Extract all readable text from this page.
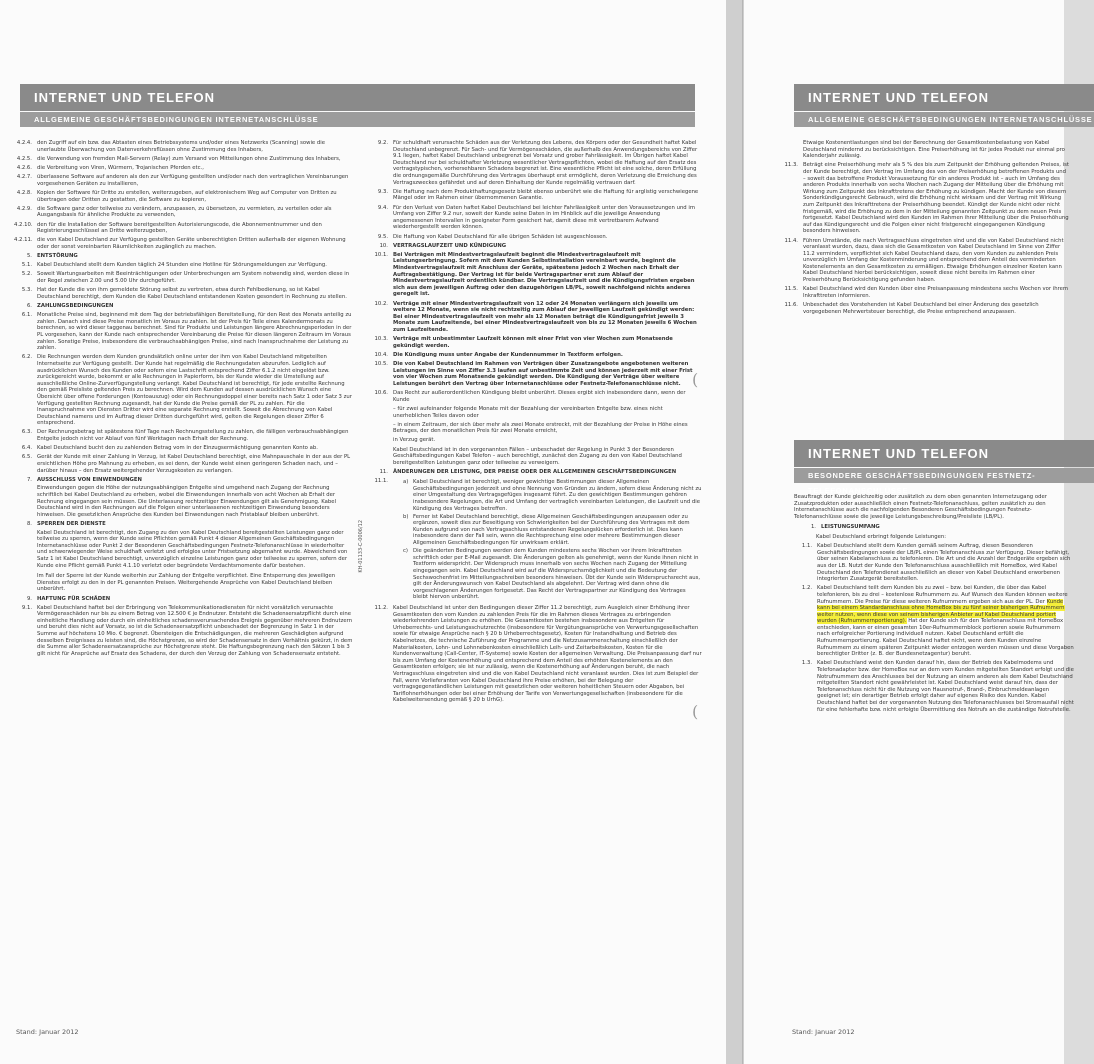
INTERNET UND TELEFON
ALLGEMEINE GESCHÄFTSBEDINGUNGEN INTERNETANSCHLÜSSE
4.2.4. den Zugriff auf ein bzw. das Abtasten eines Betriebssystems und/oder eines Netzwerks (Scanning) sowie die unerlaubte Überwachung von Datenverkehrsflüssen ohne Zustimmung des Inhabers,
4.2.5. die Verwendung von fremden Mail-Servern (Relay) zum Versand von Mitteilungen ohne Zustimmung des Inhabers,
4.2.6. die Verbreitung von Viren, Würmern, Trojanischen Pferden etc.,
4.2.7. überlassene Software auf anderen als den zur Verfügung gestellten und/oder nach den vertraglichen Vereinbarungen vorgesehenen Geräten zu installieren,
4.2.8. Kopien der Software für Dritte zu erstellen, weiterzugeben, auf elektronischem Weg auf Computer von Dritten zu übertragen oder Dritten zu gestatten, die Software zu kopieren,
4.2.9. die Software ganz oder teilweise zu verändern, anzupassen, zu übersetzen, zu vermieten, zu verteilen oder als Ausgangsbasis für ähnliche Produkte zu verwenden,
4.2.10. den für die Installation der Software bereitgestellten Autorisierungscode, die Abonnementnummer und den Registrierungsschlüssel an Dritte weiterzugeben,
4.2.11. die von Kabel Deutschland zur Verfügung gestellten Geräte unberechtigten Dritten außerhalb der eigenen Wohnung oder der sonst vereinbarten Räumlichkeiten zugänglich zu machen.
5. ENTSTÖRUNG
5.1. Kabel Deutschland stellt dem Kunden täglich 24 Stunden eine Hotline für Störungsmeldungen zur Verfügung.
5.2. Soweit Wartungsarbeiten mit Beeinträchtigungen oder Unterbrechungen am System notwendig sind, werden diese in der Regel zwischen 2.00 und 5.00 Uhr durchgeführt.
5.3. Hat der Kunde die von ihm gemeldete Störung selbst zu vertreten, etwa durch Fehlbedienung, so ist Kabel Deutschland berechtigt, dem Kunden die Kabel Deutschland entstandenen Kosten gesondert in Rechnung zu stellen.
6. ZAHLUNGSBEDINGUNGEN
6.1. Monatliche Preise sind, beginnend mit dem Tag der betriebsfähigen Bereitstellung, für den Rest des Monats anteilig zu zahlen. Danach sind diese Preise monatlich im Voraus zu zahlen. Ist der Preis für Teile eines Kalendermonats zu berechnen, so wird dieser taggenau berechnet. Sind für Produkte und Leistungen längere Abrechnungsperioden in der PL vorgesehen, kann der Kunde nach entsprechender Vereinbarung die Preise für diesen längeren Zeitraum im Voraus zahlen. Sonstige Preise, insbesondere die verbrauchsabhängigen Preise, sind nach Inanspruchnahme der Leistung zu zahlen.
6.2. Die Rechnungen werden dem Kunden grundsätzlich online unter der ihm von Kabel Deutschland mitgeteilten Internetseite zur Verfügung gestellt. Der Kunde hat regelmäßig die Rechnungsdaten abzurufen. Lediglich auf ausdrücklichen Wunsch des Kunden oder sofern eine Lastschrift entsprechend Ziffer 6.1.2 nicht eingelöst bzw. zurückgereicht wurde, bekommt er alle Rechnungen in Papierform, bis der Kunde wieder die Umstellung auf ausschließliche Online-Zurverfügungstellung verlangt. Kabel Deutschland ist berechtigt, für jede erstellte Rechnung den gemäß Preisliste geltenden Preis zu berechnen. Wird dem Kunden auf dessen ausdrücklichen Wunsch eine Übersicht über offene Forderungen (Kontoauszug) oder ein Rechnungsdoppel einer bereits nach Satz 1 oder Satz 3 zur Verfügung gestellten Rechnung zugesandt, hat der Kunde die Preise gemäß der PL zu zahlen. Für die Inanspruchnahme von Diensten Dritter wird eine separate Rechnung erstellt. Soweit die Abrechnung von Kabel Deutschland namens und im Auftrag dieser Dritten durchgeführt wird, gelten die Regelungen dieser Ziffer 6 entsprechend.
6.3. Der Rechnungsbetrag ist spätestens fünf Tage nach Rechnungsstellung zu zahlen, die fälligen verbrauchsabhängigen Entgelte jedoch nicht vor Ablauf von fünf Werktagen nach Erhalt der Rechnung.
6.4. Kabel Deutschland bucht den zu zahlenden Betrag vom in der Einzugsermächtigung genannten Konto ab.
6.5. Gerät der Kunde mit einer Zahlung in Verzug, ist Kabel Deutschland berechtigt, eine Mahnpauschale in der aus der PL ersichtlichen Höhe pro Mahnung zu erheben, es sei denn, der Kunde weist einen geringeren Schaden nach, und – darüber hinaus – den Ersatz weitergehender Verzugskosten zu verlangen.
7. AUSSCHLUSS VON EINWENDUNGEN
Einwendungen gegen die Höhe der nutzungsabhängigen Entgelte sind umgehend nach Zugang der Rechnung schriftlich bei Kabel Deutschland zu erheben, wobei die Einwendungen innerhalb von acht Wochen ab Erhalt der Rechnung eingegangen sein müssen. Die Unterlassung rechtzeitiger Einwendungen gilt als Genehmigung. Kabel Deutschland wird in den Rechnungen auf die Folgen einer unterlassenen rechtzeitigen Einwendung besonders hinweisen. Die gesetzlichen Ansprüche des Kunden bei Einwendungen nach Fristablauf bleiben unberührt.
8. SPERREN DER DIENSTE
Kabel Deutschland ist berechtigt, den Zugang zu den von Kabel Deutschland bereitgestellten Leistungen ganz oder teilweise zu sperren, wenn der Kunde seine Pflichten gemäß Punkt 4 dieser Allgemeinen Geschäftsbedingungen Internetanschlüsse oder Punkt 2 der Besonderen Geschäftsbedingungen Festnetz-Telefonanschlüsse in wiederholter und schwerwiegender Weise schuldhaft verletzt und erfolglos unter Fristsetzung abgemahnt wurde. Abweichend von Satz 1 ist Kabel Deutschland berechtigt, unverzüglich einzelne Leistungen ganz oder teilweise zu sperren, sofern der Kunde eine Pflicht gemäß Punkt 4.1.10 verletzt oder begründete Verdachtsmomente dafür bestehen.
Im Fall der Sperre ist der Kunde weiterhin zur Zahlung der Entgelte verpflichtet. Eine Entsperrung des jeweiligen Dienstes erfolgt zu den in der PL genannten Preisen. Weitergehende Ansprüche von Kabel Deutschland bleiben unberührt.
9. HAFTUNG FÜR SCHÄDEN
9.1. Kabel Deutschland haftet bei der Erbringung von Telekommunikationsdiensten für nicht vorsätzlich verursachte Vermögensschäden nur bis zu einem Betrag von 12.500 € je Endnutzer. Entsteht die Schadensersatzpflicht durch eine einheitliche Handlung oder durch ein einheitliches schadensverursachendes Ereignis gegenüber mehreren Endnutzern und beruht dies nicht auf Vorsatz, so ist die Schadensersatzpflicht unbeschadet der Begrenzung in Satz 1 in der Summe auf höchstens 10 Mio. € begrenzt. Übersteigen die Entschädigungen, die mehreren Geschädigten aufgrund desselben Ereignisses zu leisten sind, die Höchstgrenze, so wird der Schadensersatz in dem Verhältnis gekürzt, in dem die Summe aller Schadensersatzansprüche zur Höchstgrenze steht. Die Haftungsbegrenzung nach den Sätzen 1 bis 3 gilt nicht für Ansprüche auf Ersatz des Schadens, der durch den Verzug der Zahlung von Schadensersatz entsteht.
9.2. Für schuldhaft verursachte Schäden aus der Verletzung des Lebens, des Körpers oder der Gesundheit haftet Kabel Deutschland unbegrenzt. Für Sach- und für Vermögensschäden, die außerhalb des Anwendungsbereichs von Ziffer 9.1 liegen, haftet Kabel Deutschland unbegrenzt bei Vorsatz und grober Fahrlässigkeit. Im Übrigen haftet Kabel Deutschland nur bei schuldhafter Verletzung wesentlicher Vertragspflichten, wobei die Haftung auf den Ersatz des vertragstypischen, vorhersehbaren Schadens begrenzt ist. Eine wesentliche Pflicht ist eine solche, deren Erfüllung die ordnungsgemäße Durchführung des Vertrages überhaupt erst ermöglicht, deren Verletzung die Erreichung des Vertragszweckes gefährdet und auf deren Einhaltung der Kunde regelmäßig vertrauen darf.
9.3. Die Haftung nach dem Produkthaftungsgesetz bleibt ebenso unberührt wie die Haftung für arglistig verschwiegene Mängel oder im Rahmen einer übernommenen Garantie.
9.4. Für den Verlust von Daten haftet Kabel Deutschland bei leichter Fahrlässigkeit unter den Voraussetzungen und im Umfang von Ziffer 9.2 nur, soweit der Kunde seine Daten in im Hinblick auf die jeweilige Anwendung angemessenen Intervallen in geeigneter Form gesichert hat, damit diese mit vertretbarem Aufwand wiederhergestellt werden können.
9.5. Die Haftung von Kabel Deutschland für alle übrigen Schäden ist ausgeschlossen.
10. VERTRAGSLAUFZEIT UND KÜNDIGUNG
10.1. Bei Verträgen mit Mindestvertragslaufzeit beginnt die Mindestvertragslaufzeit mit Leistungserbringung. Sofern mit dem Kunden Selbstinstallation vereinbart wurde, beginnt die Mindestvertragslaufzeit mit Anschluss der Geräte, spätestens jedoch 2 Wochen nach Erhalt der Auftragsbestätigung. Der Vertrag ist für beide Vertragspartner erst zum Ablauf der Mindestvertragslaufzeit ordentlich kündbar. Die Vertragslaufzeit und die Kündigungsfristen ergeben sich aus dem jeweiligen Auftrag oder den dazugehörigen LB/PL, soweit nachfolgend nichts anderes geregelt ist.
10.2. Verträge mit einer Mindestvertragslaufzeit von 12 oder 24 Monaten verlängern sich jeweils um weitere 12 Monate, wenn sie nicht rechtzeitig zum Ablauf der jeweiligen Laufzeit gekündigt werden: Bei einer Mindestvertragslaufzeit von mehr als 12 Monaten beträgt die Kündigungsfrist jeweils 3 Monate zum Laufzeitende, bei einer Mindestvertragslaufzeit von bis zu 12 Monaten jeweils 6 Wochen zum Laufzeitende.
10.3. Verträge mit unbestimmter Laufzeit können mit einer Frist von vier Wochen zum Monatsende gekündigt werden.
10.4. Die Kündigung muss unter Angabe der Kundennummer in Textform erfolgen.
10.5. Die von Kabel Deutschland im Rahmen von Verträgen über Zusatzangebote angebotenen weiteren Leistungen im Sinne von Ziffer 3.3 laufen auf unbestimmte Zeit und können jederzeit mit einer Frist von vier Wochen zum Monatsende gekündigt werden. Die Kündigung der Verträge über weitere Leistungen berührt den Vertrag über Internetanschlüsse oder Festnetz-Telefonanschlüsse nicht.
10.6. Das Recht zur außerordentlichen Kündigung bleibt unberührt. Dieses ergibt sich insbesondere dann, wenn der Kunde
– für zwei aufeinander folgende Monate mit der Bezahlung der vereinbarten Entgelte bzw. eines nicht unerheblichen Teiles davon oder
– in einem Zeitraum, der sich über mehr als zwei Monate erstreckt, mit der Bezahlung der Preise in Höhe eines Betrages, der den monatlichen Preis für zwei Monate erreicht,
in Verzug gerät.
Kabel Deutschland ist in den vorgenannten Fällen – unbeschadet der Regelung in Punkt 3 der Besonderen Geschäftsbedingungen Kabel Telefon – auch berechtigt, zunächst den Zugang zu den von Kabel Deutschland bereitgestellten Leistungen ganz oder teilweise zu verweigern.
11. ÄNDERUNGEN DER LEISTUNG, DER PREISE ODER DER ALLGEMEINEN GESCHÄFTSBEDINGUNGEN
11.1.	a) Kabel Deutschland ist berechtigt, weniger gewichtige Bestimmungen dieser Allgemeinen Geschäftsbedingungen jederzeit und ohne Nennung von Gründen zu ändern, sofern diese Änderung nicht zu einer Umgestaltung des Vertragsgefüges insgesamt führt. Zu den gewichtigen Bestimmungen gehören insbesondere Regelungen, die Art und Umfang der vertraglich vereinbarten Leistungen, die Laufzeit und die Kündigung des Vertrages betreffen.
b) Ferner ist Kabel Deutschland berechtigt, diese Allgemeinen Geschäftsbedingungen anzupassen oder zu ergänzen, soweit dies zur Beseitigung von Schwierigkeiten bei der Durchführung des Vertrages mit dem Kunden aufgrund von nach Vertragsschluss entstandenen Regelungslücken erforderlich ist. Dies kann insbesondere dann der Fall sein, wenn die Rechtsprechung eine oder mehrere Bestimmungen dieser Allgemeinen Geschäftsbedingungen für unwirksam erklärt.
c) Die geänderten Bedingungen werden dem Kunden mindestens sechs Wochen vor ihrem Inkrafttreten schriftlich oder per E-Mail zugesandt. Die Änderungen gelten als genehmigt, wenn der Kunde ihnen nicht in Textform widerspricht. Der Widerspruch muss innerhalb von sechs Wochen nach Zugang der Mitteilung eingegangen sein. Kabel Deutschland wird auf die Widerspruchsmöglichkeit und die Bedeutung der Sechswochenfrist im Mitteilungsschreiben besonders hinweisen. Übt der Kunde sein Widerspruchsrecht aus, gilt der Änderungswunsch von Kabel Deutschland als abgelehnt. Der Vertrag wird dann ohne die vorgeschlagenen Änderungen fortgesetzt. Das Recht der Vertragspartner zur Kündigung des Vertrages bleibt hiervon unberührt.
11.2. Kabel Deutschland ist unter den Bedingungen dieser Ziffer 11.2 berechtigt, zum Ausgleich einer Erhöhung ihrer Gesamtkosten den vom Kunden zu zahlenden Preis für die im Rahmen dieses Vertrages zu erbringenden wiederkehrenden Leistungen zu erhöhen. Die Gesamtkosten bestehen insbesondere aus Entgelten für Urheberrechts- und Leistungsschutzrechte (insbesondere für Vergütungsansprüche von Verwertungsgesellschaften sowie für etwaige Ansprüche nach § 20 b Urheberrechtsgesetz), Kosten für Instandhaltung und Betrieb des Kabelnetzes, die technische Zuführung der Programme und die Netzzusammenschaltung einschließlich der Materialkosten, Lohn- und Lohnnebenkosten einschließlich Leih- und Zeitarbeitskosten, Kosten für die Kundenverwaltung (Call-Center, IT-Systeme) sowie Kosten der allgemeinen Verwaltung. Die Preisanpassung darf nur bis zum Umfang der Kostenerhöhung und entsprechend dem Anteil des erhöhten Kostenelements an den Gesamtkosten erfolgen; sie ist nur zulässig, wenn die Kostenerhöhung auf Änderungen beruht, die nach Vertragsschluss eingetreten sind und die von Kabel Deutschland nicht veranlasst wurden. Dies ist zum Beispiel der Fall, wenn Vorlieferanten von Kabel Deutschland ihre Preise erhöhen, bei der Belegung der vertragsgegenständlichen Leistungen mit gesetzlichen oder weiteren hoheitlichen Steuern oder Abgaben, bei Tariflohnerhöhungen oder bei einer Erhöhung der Tarife von Verwertungsgesellschaften (insbesondere für die Kabelweitersendung gemäß § 20 b UrhG).
(
(
KH-01133-C-0006/12
Stand: Januar 2012
INTERNET UND TELEFON
ALLGEMEINE GESCHÄFTSBEDINGUNGEN INTERNETANSCHLÜSSE
Etwaige Kostenentlastungen sind bei der Berechnung der Gesamtkostenbelastung von Kabel Deutschland mindernd zu berücksichtigen. Eine Preiserhöhung ist für jedes Produkt nur einmal pro Kalenderjahr zulässig.
11.3. Beträgt eine Preiserhöhung mehr als 5 % des bis zum Zeitpunkt der Erhöhung geltenden Preises, ist der Kunde berechtigt, den Vertrag im Umfang des von der Preiserhöhung betroffenen Produkts und – soweit das betroffene Produkt Voraussetzung für ein anderes Produkt ist – auch im Umfang des anderen Produkts innerhalb von sechs Wochen nach Zugang der Mitteilung über die Erhöhung mit Wirkung zum Zeitpunkt des Inkrafttretens der Erhöhung zu kündigen. Macht der Kunde von diesem Sonderkündigungsrecht Gebrauch, wird die Erhöhung nicht wirksam und der Vertrag mit Wirkung zum Zeitpunkt des Inkrafttretens der Preiserhöhung beendet. Kündigt der Kunde nicht oder nicht fristgemäß, wird die Erhöhung zu dem in der Mitteilung genannten Zeitpunkt zu dem neuen Preis fortgesetzt. Kabel Deutschland wird den Kunden im Rahmen ihrer Mitteilung über die Preiserhöhung auf das Kündigungsrecht und die Folgen einer nicht fristgerecht eingegangenen Kündigung besonders hinweisen.
11.4. Führen Umstände, die nach Vertragsschluss eingetreten sind und die von Kabel Deutschland nicht veranlasst wurden, dazu, dass sich die Gesamtkosten von Kabel Deutschland im Sinne von Ziffer 11.2 vermindern, verpflichtet sich Kabel Deutschland dazu, den vom Kunden zu zahlenden Preis unverzüglich im Umfang der Kostenminderung und entsprechend dem Anteil des verminderten Kostenelements an den Gesamtkosten zu ermäßigen. Etwaige Erhöhungen einzelner Kosten kann Kabel Deutschland hierbei berücksichtigen, soweit diese nicht bereits im Rahmen einer Preiserhöhung Berücksichtigung gefunden haben.
11.5. Kabel Deutschland wird den Kunden über eine Preisanpassung mindestens sechs Wochen vor ihrem Inkrafttreten informieren.
11.6. Unbeschadet des Vorstehenden ist Kabel Deutschland bei einer Änderung des gesetzlich vorgegebenen Mehrwertsteuer berechtigt, die Preise entsprechend anzupassen.
INTERNET UND TELEFON
BESONDERE GESCHÄFTSBEDINGUNGEN FESTNETZ-TELEFONANSCHLÜSSE
Beauftragt der Kunde gleichzeitig oder zusätzlich zu dem oben genannten Internetzugang oder Zusatzprodukten oder ausschließlich einen Festnetz-Telefonanschluss, gelten zusätzlich zu den Internetanschlüsse auch die nachfolgenden Besonderen Geschäftsbedingungen Festnetz-Telefonanschlüsse sowie die jeweilige Leistungsbeschreibung/Preisliste (LB/PL).
1. LEISTUNGSUMFANG
Kabel Deutschland erbringt folgende Leistungen:
1.1. Kabel Deutschland stellt dem Kunden gemäß seinem Auftrag, diesen Besonderen Geschäftsbedingungen sowie der LB/PL einen Telefonanschluss zur Verfügung. Dieser befähigt, über seinen Kabelanschluss zu telefonieren. Die Art und die Anzahl der Endgeräte ergeben sich aus der LB. Nutzt der Kunde den Telefonanschluss ausschließlich mit HomeBox, wird Kabel Deutschland den Telefondienst ausschließlich an dieser von Kabel Deutschland erworbenen integrierten Zusatzgerät bereitstellen.
1.2. Kabel Deutschland teilt dem Kunden bis zu zwei – bzw. bei Kunden, die über das Kabel telefonieren, bis zu drei – kostenlose Rufnummern zu. Auf Wunsch des Kunden können weitere Rufnummern. Die Preise für diese weiteren Rufnummern ergeben sich aus der PL. Der Kunde kann bei einem Standardanschluss ohne HomeBox bis zu fünf seiner bisherigen Rufnummern weiter nutzen, wenn diese von seinem bisherigen Anbieter auf Kabel Deutschland portiert wurden (Rufnummernportierung). Hat der Kunde sich für den Telefonanschluss mit HomeBox entschieden, kann er einen gesamten 10er-Rufnummernblock portieren sowie Rufnummern nach erfolgreicher Portierung individuell nutzen. Kabel Deutschland erfüllt die Rufnummernportierung. Kabel Deutschland haftet nicht, wenn dem Kunden einzelne Rufnummern zu einem späteren Zeitpunkt wieder entzogen werden müssen und diese Vorgaben berechtigter Dritter (z. B. der Bundesnetzagentur) beruht.
1.3. Kabel Deutschland weist den Kunden darauf hin, dass der Betrieb des Kabelmodems und Telefonadapter bzw. der HomeBox nur an dem vom Kunden mitgeteilten Standort erfolgt und die Notrufnummern des Anschlusses bei der Nutzung an einem anderen als dem Kabel Deutschland mitgeteilten Standort nicht gewährleistet ist. Kabel Deutschland weist darauf hin, dass der Telefonanschluss nicht für die Nutzung von Hausnotruf-, Brand-, Einbruchmeldeanlagen geeignet ist; ein derartiger Betrieb erfolgt daher auf eigenes Risiko des Kunden. Kabel Deutschland haftet bei der vorgenannten Nutzung des Telefonanschlusses bei Stromausfall nicht für eine fehlerhafte bzw. nicht erfolgte Übermittlung des Notrufs an die zuständige Notrufstelle.
Stand: Januar 2012
